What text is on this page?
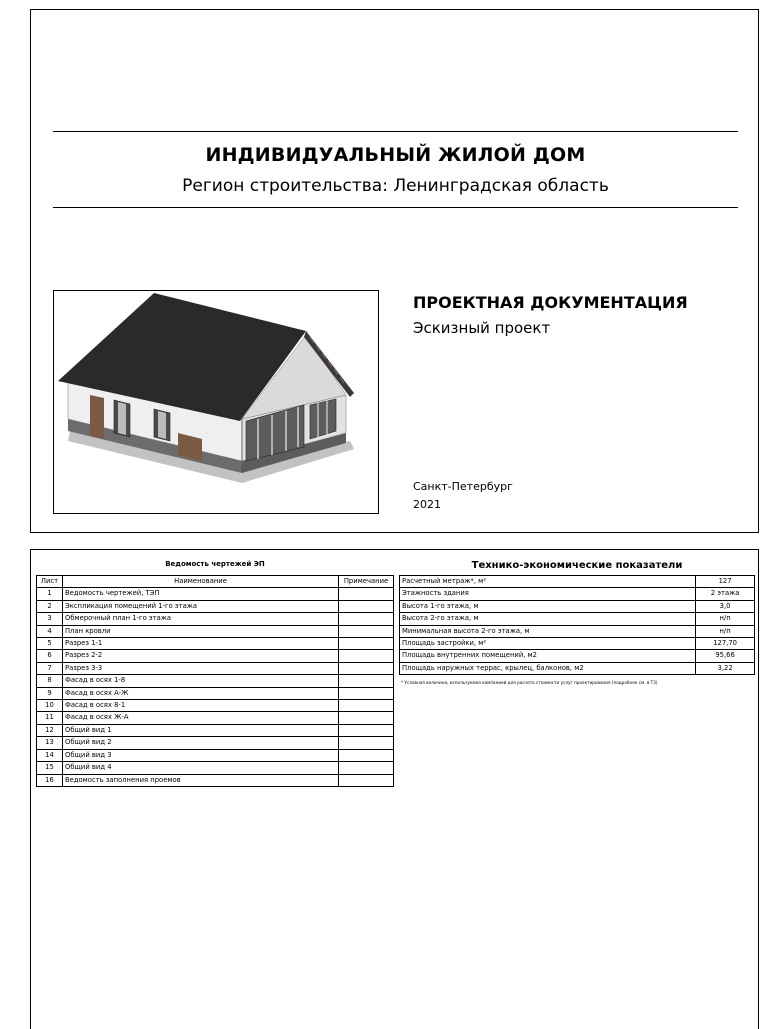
ИНДИВИДУАЛЬНЫЙ ЖИЛОЙ ДОМ
Регион строительства: Ленинградская область
ПРОЕКТНАЯ ДОКУМЕНТАЦИЯ
Эскизный проект
Санкт-Петербург
2021
Ведомость чертежей ЭП
Лист	Наименование	Примечание
1	Ведомость чертежей, ТЭП	
2	Экспликация помещений 1-го этажа	
3	Обмерочный план 1-го этажа	
4	План кровли	
5	Разрез 1-1	
6	Разрез 2-2	
7	Разрез 3-3	
8	Фасад в осях 1-8	
9	Фасад в осях А-Ж	
10	Фасад в осях 8-1	
11	Фасад в осях Ж-А	
12	Общий вид 1	
13	Общий вид 2	
14	Общий вид 3	
15	Общий вид 4	
16	Ведомость заполнения проемов	
Технико-экономические показатели
Расчетный метраж*, м²	127
Этажность здания	2 этажа
Высота 1-го этажа, м	3,0
Высота 2-го этажа, м	н/п
Минимальная высота 2-го этажа, м	н/п
Площадь застройки, м²	127,70
Площадь внутренних помещений, м2	95,66
Площадь наружных террас, крылец, балконов, м2	3,22
* Условная величина, используемая компанией для расчета стоимости услуг проектирования (подробнее см. в ТЗ)
